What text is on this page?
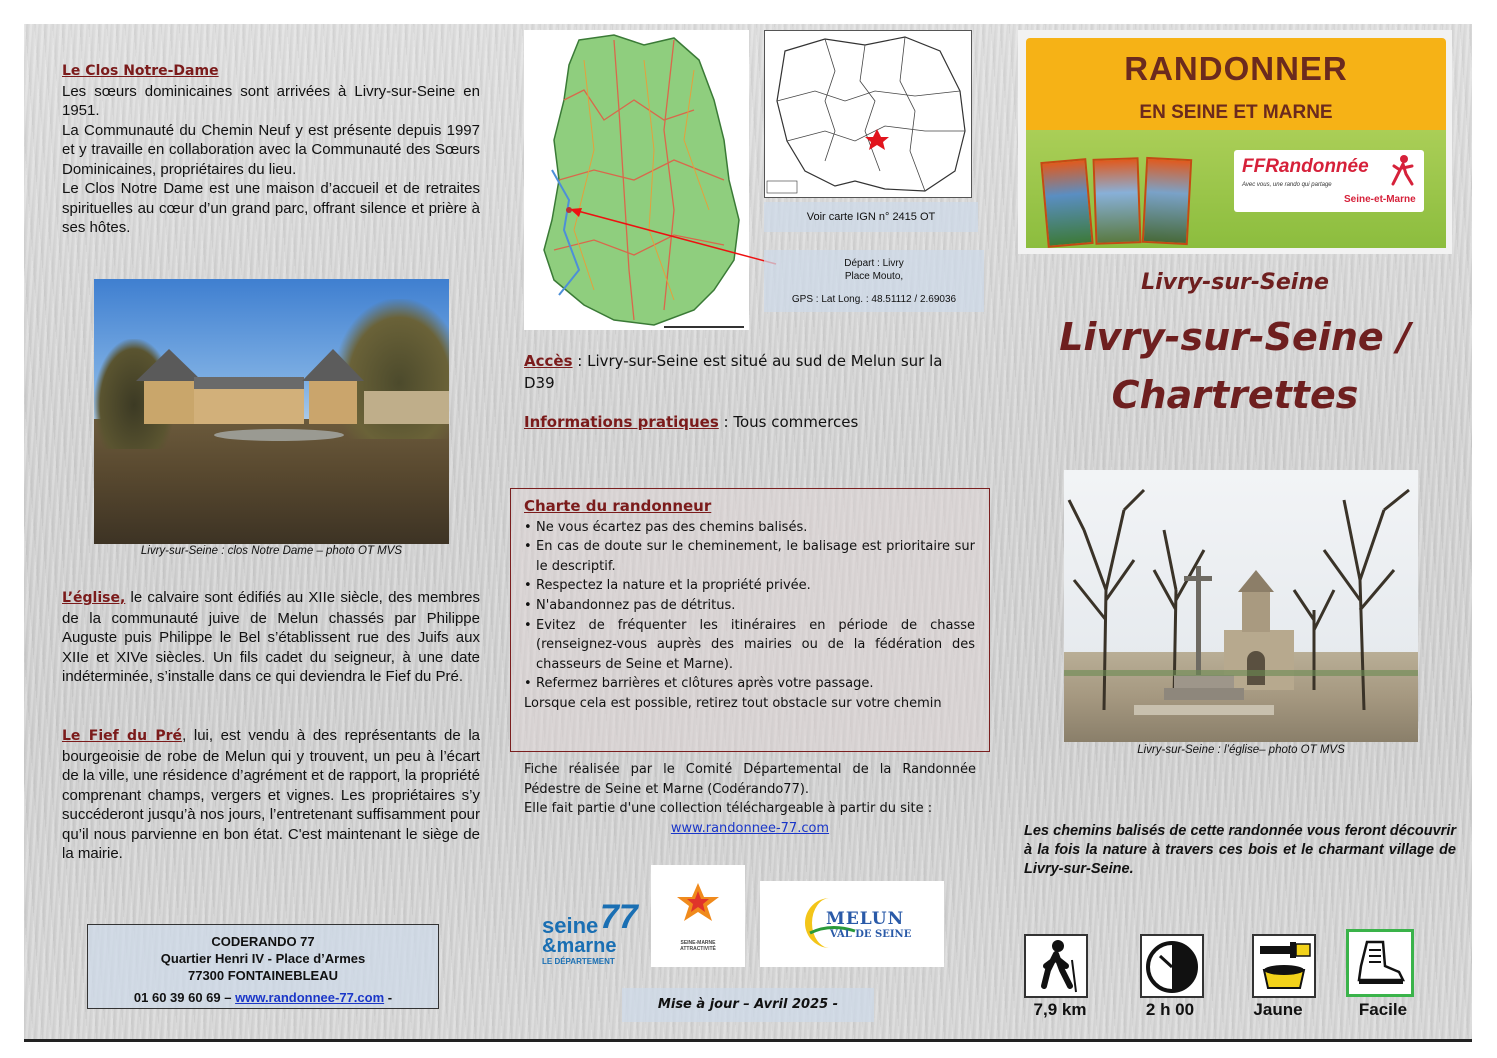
Le Clos Notre-Dame
Les sœurs dominicaines sont arrivées à Livry-sur-Seine en 1951.
La Communauté du Chemin Neuf y est présente depuis 1997 et y travaille en collaboration avec la Communauté des Sœurs Dominicaines, propriétaires du lieu.
Le Clos Notre Dame est une maison d’accueil et de retraites spirituelles au cœur d’un grand parc, offrant silence et prière à ses hôtes.
Livry-sur-Seine : clos Notre Dame – photo OT MVS
L’église, le calvaire sont édifiés au XIIe siècle, des membres de la communauté juive de Melun chassés par Philippe Auguste puis Philippe le Bel s’établissent rue des Juifs aux XIIe et XIVe siècles. Un fils cadet du seigneur, à une date indéterminée, s’installe dans ce qui deviendra le Fief du Pré.
Le Fief du Pré, lui, est vendu à des représentants de la bourgeoisie de robe de Melun qui y trouvent, un peu à l’écart de la ville, une résidence d’agrément et de rapport, la propriété comprenant champs, vergers et vignes. Les propriétaires s’y succéderont jusqu’à nos jours, l’entretenant suffisamment pour qu’il nous parvienne en bon état. C'est maintenant le siège de la mairie.
CODERANDO 77
Quartier Henri IV - Place d’Armes
77300 FONTAINEBLEAU
01 60 39 60 69 – www.randonnee-77.com -
Voir carte IGN n° 2415 OT
Départ : Livry
Place Mouto,
GPS : Lat Long. : 48.51112 / 2.69036
Accès : Livry-sur-Seine est situé au sud de Melun sur la D39
Informations pratiques : Tous commerces
Charte du randonneur
• Ne vous écartez pas des chemins balisés.
• En cas de doute sur le cheminement, le balisage est prioritaire sur le descriptif.
• Respectez la nature et la propriété privée.
• N'abandonnez pas de détritus.
• Evitez de fréquenter les itinéraires en période de chasse (renseignez-vous auprès des mairies ou de la fédération des chasseurs de Seine et Marne).
• Refermez barrières et clôtures après votre passage.
Lorsque cela est possible, retirez tout obstacle sur votre chemin
Fiche réalisée par le Comité Départemental de la Randonnée Pédestre de Seine et Marne (Codérando77).
Elle fait partie d'une collection téléchargeable à partir du site :
www.randonnee-77.com
seine
&marne
LE DÉPARTEMENT
77
SEINE-MARNE ATTRACTIVITÉ
MELUN
VAL DE SEINE
Mise à jour – Avril 2025 -
RANDONNER
EN SEINE ET MARNE
FFRandonnée
Avec vous, une rando qui partage
Seine-et-Marne
Livry-sur-Seine
Livry-sur-Seine /
Chartrettes
Livry-sur-Seine : l’église– photo OT MVS
Les chemins balisés de cette randonnée vous feront découvrir à la fois la nature à travers ces bois et le charmant village de Livry-sur-Seine.
7,9 km	2 h 00	Jaune	Facile
